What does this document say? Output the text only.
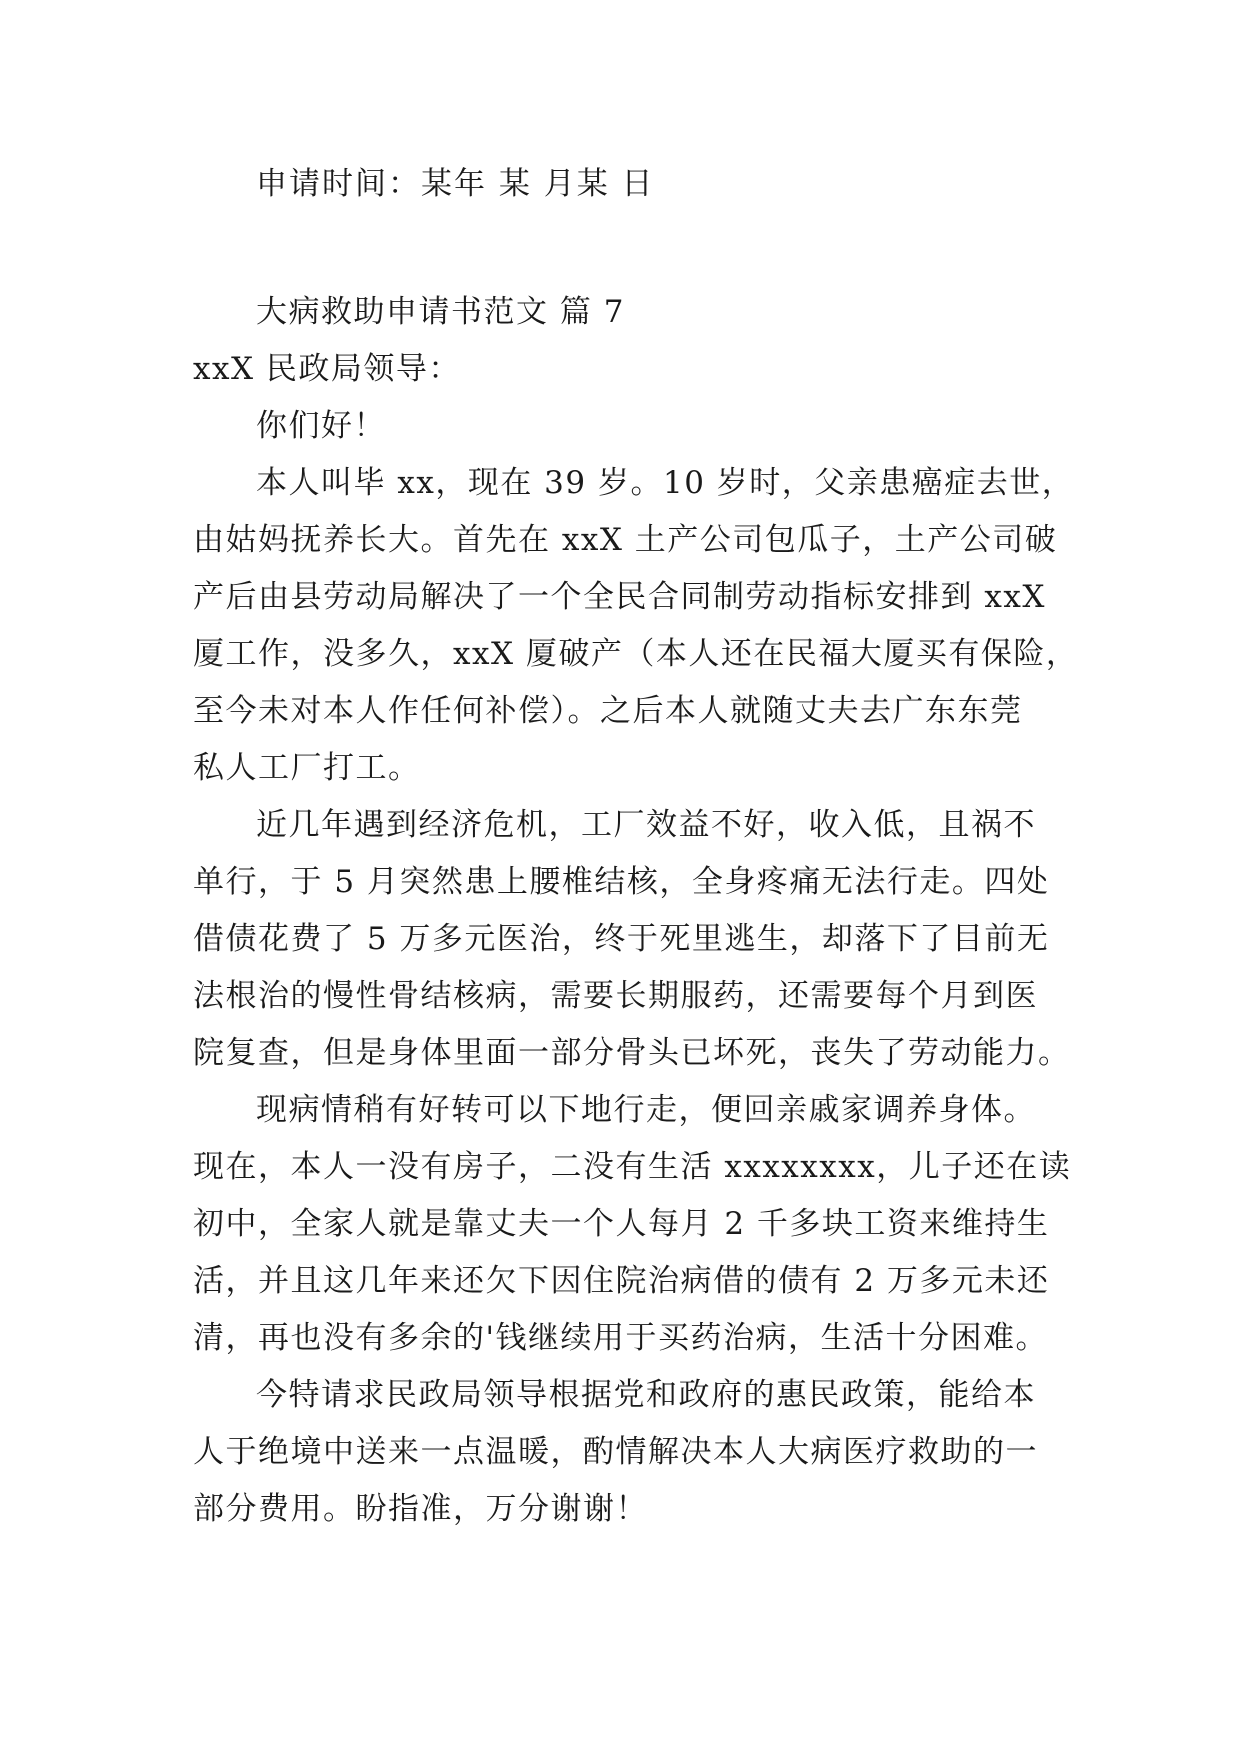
申请时间：某年 某 月某 日
大病救助申请书范文 篇 7
xxX 民政局领导：
你们好！
本人叫毕 xx，现在 39 岁。10 岁时，父亲患癌症去世，
由姑妈抚养长大。首先在 xxX 土产公司包瓜子，土产公司破
产后由县劳动局解决了一个全民合同制劳动指标安排到 xxX
厦工作，没多久，xxX 厦破产（本人还在民福大厦买有保险，
至今未对本人作任何补偿）。之后本人就随丈夫去广东东莞
私人工厂打工。
近几年遇到经济危机，工厂效益不好，收入低，且祸不
单行，于 5 月突然患上腰椎结核，全身疼痛无法行走。四处
借债花费了 5 万多元医治，终于死里逃生，却落下了目前无
法根治的慢性骨结核病，需要长期服药，还需要每个月到医
院复查，但是身体里面一部分骨头已坏死，丧失了劳动能力。
现病情稍有好转可以下地行走，便回亲戚家调养身体。
现在，本人一没有房子，二没有生活 xxxxxxxx，儿子还在读
初中，全家人就是靠丈夫一个人每月 2 千多块工资来维持生
活，并且这几年来还欠下因住院治病借的债有 2 万多元未还
清，再也没有多余的'钱继续用于买药治病，生活十分困难。
今特请求民政局领导根据党和政府的惠民政策，能给本
人于绝境中送来一点温暖，酌情解决本人大病医疗救助的一
部分费用。盼指准，万分谢谢！
